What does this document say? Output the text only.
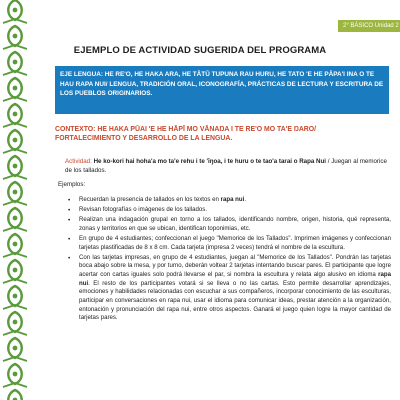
2° BÁSICO Unidad 2
EJEMPLO DE ACTIVIDAD SUGERIDA DEL PROGRAMA
EJE LENGUA: HE RE'O, HE HAKA ARA, HE TĀTŪ TUPUNA RAU HURU, HE TATO 'E HE PĀPA'I INA O TE HAU RAPA NUI/ LENGUA, TRADICIÓN ORAL, ICONOGRAFÍA, PRÁCTICAS DE LECTURA Y ESCRITURA DE LOS PUEBLOS ORIGINARIOS.
CONTEXTO: HE HAKA PŪAI 'E HE HĀPĪ MO VĀNAŊA I TE RE'O MO TA'E ŊARO/ FORTALECIMIENTO Y DESARROLLO DE LA LENGUA.
Actividad: He ko-kori hai hoha'a mo ta'e rehu i te 'īŋoa, i te huru o te tao'a tarai o Rapa Nui / Juegan al memorice de los tallados.
Ejemplos:
• Recuerdan la presencia de tallados en los textos en rapa nui.
• Revisan fotografías o imágenes de los tallados.
• Realizan una indagación grupal en torno a los tallados, identificando nombre, origen, historia, qué representa, zonas y territorios en que se ubican, identifican toponimias, etc.
• En grupo de 4 estudiantes; confeccionan el juego "Memorice de los Tallados". Imprimen imágenes y confeccionan tarjetas plastificadas de 8 x 8 cm. Cada tarjeta (impresa 2 veces) tendrá el nombre de la escultura.
• Con las tarjetas impresas, en grupo de 4 estudiantes, juegan al "Memorice de los Tallados". Pondrán las tarjetas boca abajo sobre la mesa, y por turno, deberán voltear 2 tarjetas intentando buscar pares. El participante que logre acertar con cartas iguales solo podrá llevarse el par, si nombra la escultura y relata algo alusivo en idioma rapa nui. El resto de los participantes votará si se lleva o no las cartas. Esto permite desarrollar aprendizajes, emociones y habilidades relacionadas con escuchar a sus compañeros, incorporar conocimiento de las esculturas, participar en conversaciones en rapa nui, usar el idioma para comunicar ideas, prestar atención a la organización, entonación y pronunciación del rapa nui, entre otros aspectos. Ganará el juego quien logre la mayor cantidad de tarjetas pares.
